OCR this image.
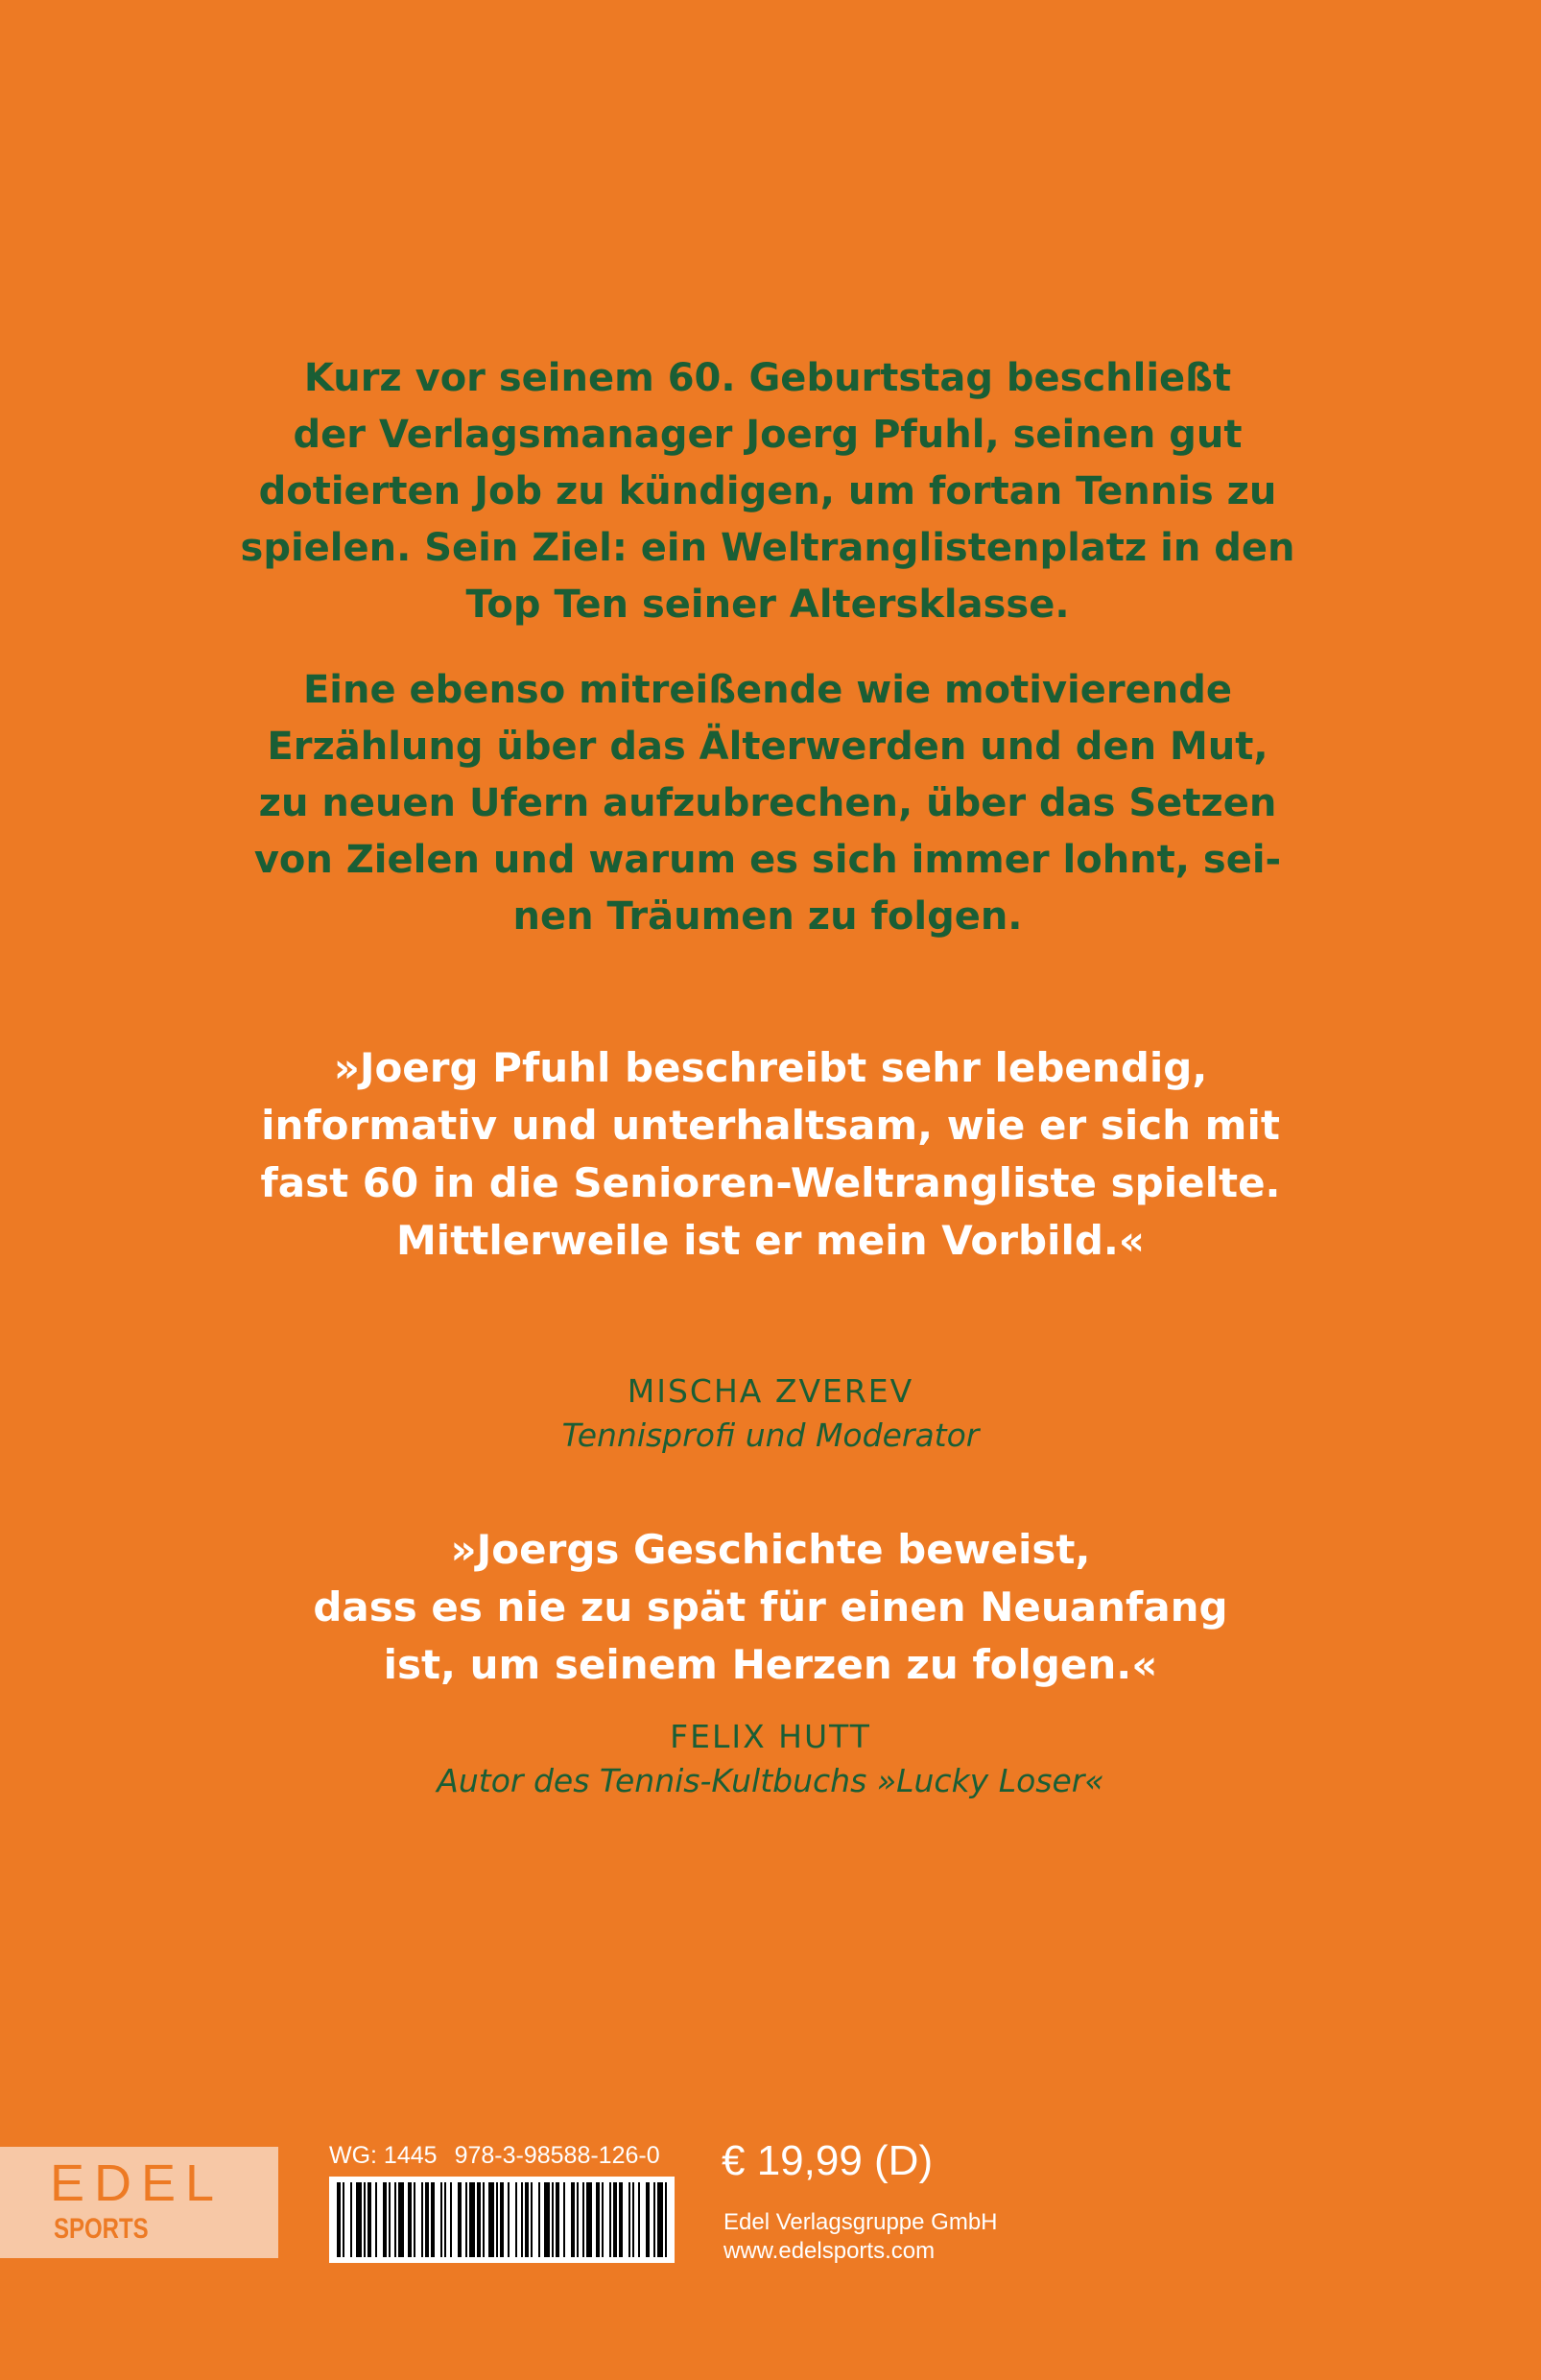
Kurz vor seinem 60. Geburtstag beschließt
der Verlagsmanager Joerg Pfuhl, seinen gut
dotierten Job zu kündigen, um fortan Tennis zu
spielen. Sein Ziel: ein Weltranglistenplatz in den
Top Ten seiner Altersklasse.

Eine ebenso mitreißende wie motivierende
Erzählung über das Älterwerden und den Mut,
zu neuen Ufern aufzubrechen, über das Setzen
von Zielen und warum es sich immer lohnt, sei-
nen Träumen zu folgen.

»Joerg Pfuhl beschreibt sehr lebendig,
informativ und unterhaltsam, wie er sich mit
fast 60 in die Senioren-Weltrangliste spielte.
Mittlerweile ist er mein Vorbild.«

MISCHA ZVEREV
Tennisprofi und Moderator

»Joergs Geschichte beweist,
dass es nie zu spät für einen Neuanfang
ist, um seinem Herzen zu folgen.«

FELIX HUTT
Autor des Tennis-Kultbuchs »Lucky Loser«
EDEL
SPORTS
WG: 1445 978-3-98588-126-0 € 19,99 (D)
Edel Verlagsgruppe GmbH
www.edelsports.com
